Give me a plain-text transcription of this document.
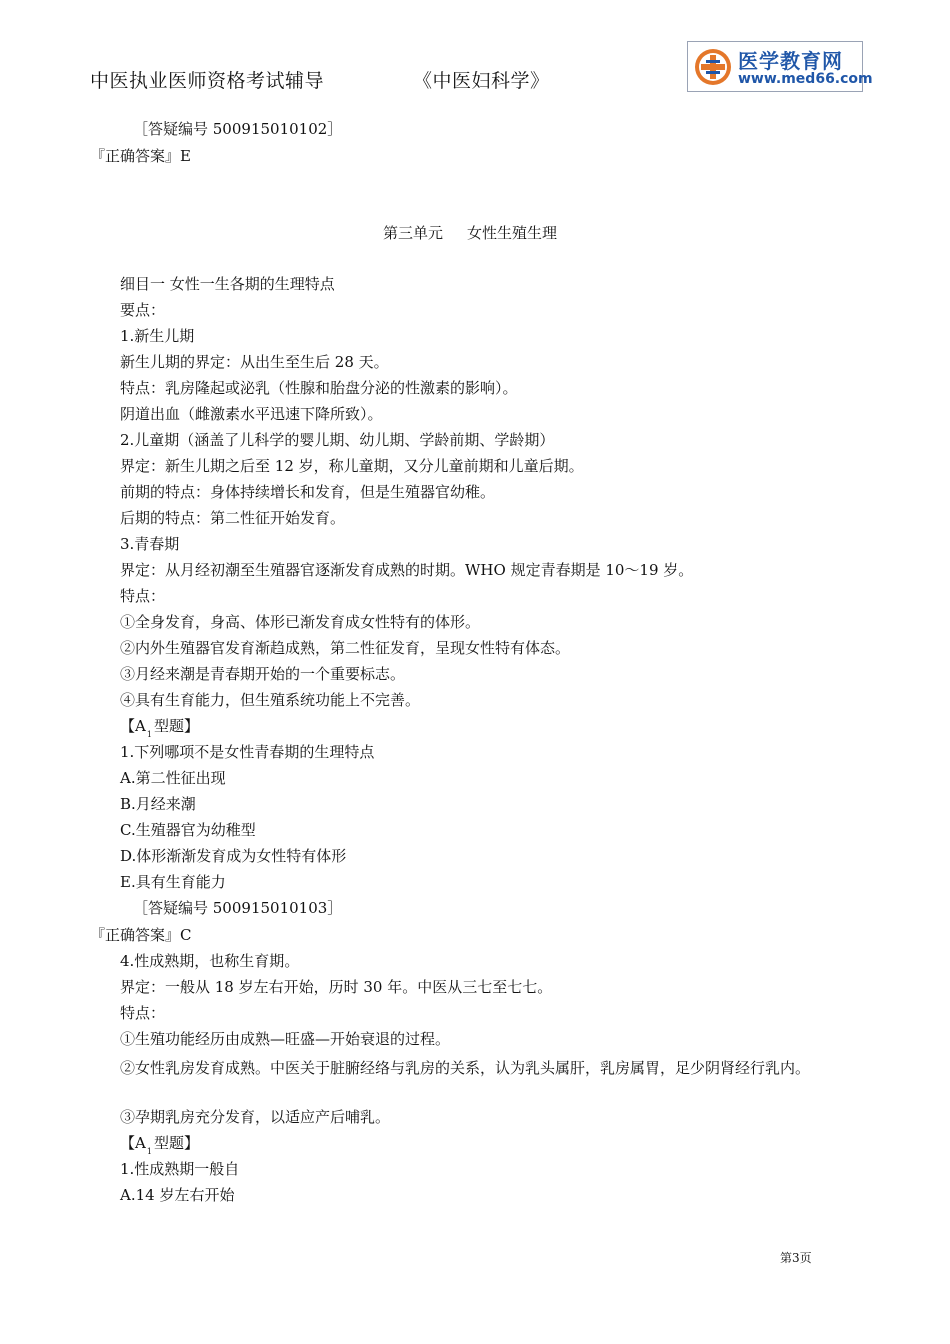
中医执业医师资格考试辅导	《中医妇科学》
医学教育网
www.med66.com
［答疑编号 500915010102］
『正确答案』E
第三单元 女性生殖生理
细目一 女性一生各期的生理特点
要点：
1.新生儿期
新生儿期的界定：从出生至生后 28 天。
特点：乳房隆起或泌乳（性腺和胎盘分泌的性激素的影响）。
阴道出血（雌激素水平迅速下降所致）。
2.儿童期（涵盖了儿科学的婴儿期、幼儿期、学龄前期、学龄期）
界定：新生儿期之后至 12 岁，称儿童期，又分儿童前期和儿童后期。
前期的特点：身体持续增长和发育，但是生殖器官幼稚。
后期的特点：第二性征开始发育。
3.青春期
界定：从月经初潮至生殖器官逐渐发育成熟的时期。WHO 规定青春期是 10～19 岁。
特点：
①全身发育，身高、体形已渐发育成女性特有的体形。
②内外生殖器官发育渐趋成熟，第二性征发育，呈现女性特有体态。
③月经来潮是青春期开始的一个重要标志。
④具有生育能力，但生殖系统功能上不完善。
【$A_1$ 型题】
1.下列哪项不是女性青春期的生理特点
A.第二性征出现
B.月经来潮
C.生殖器官为幼稚型
D.体形渐渐发育成为女性特有体形
E.具有生育能力
［答疑编号 500915010103］
『正确答案』C
4.性成熟期，也称生育期。
界定：一般从 18 岁左右开始，历时 30 年。中医从三七至七七。
特点：
①生殖功能经历由成熟—旺盛—开始衰退的过程。
②女性乳房发育成熟。中医关于脏腑经络与乳房的关系，认为乳头属肝，乳房属胃，足少阴肾经行乳内。
③孕期乳房充分发育，以适应产后哺乳。
【$A_1$ 型题】
1.性成熟期一般自
A.14 岁左右开始
第3页
